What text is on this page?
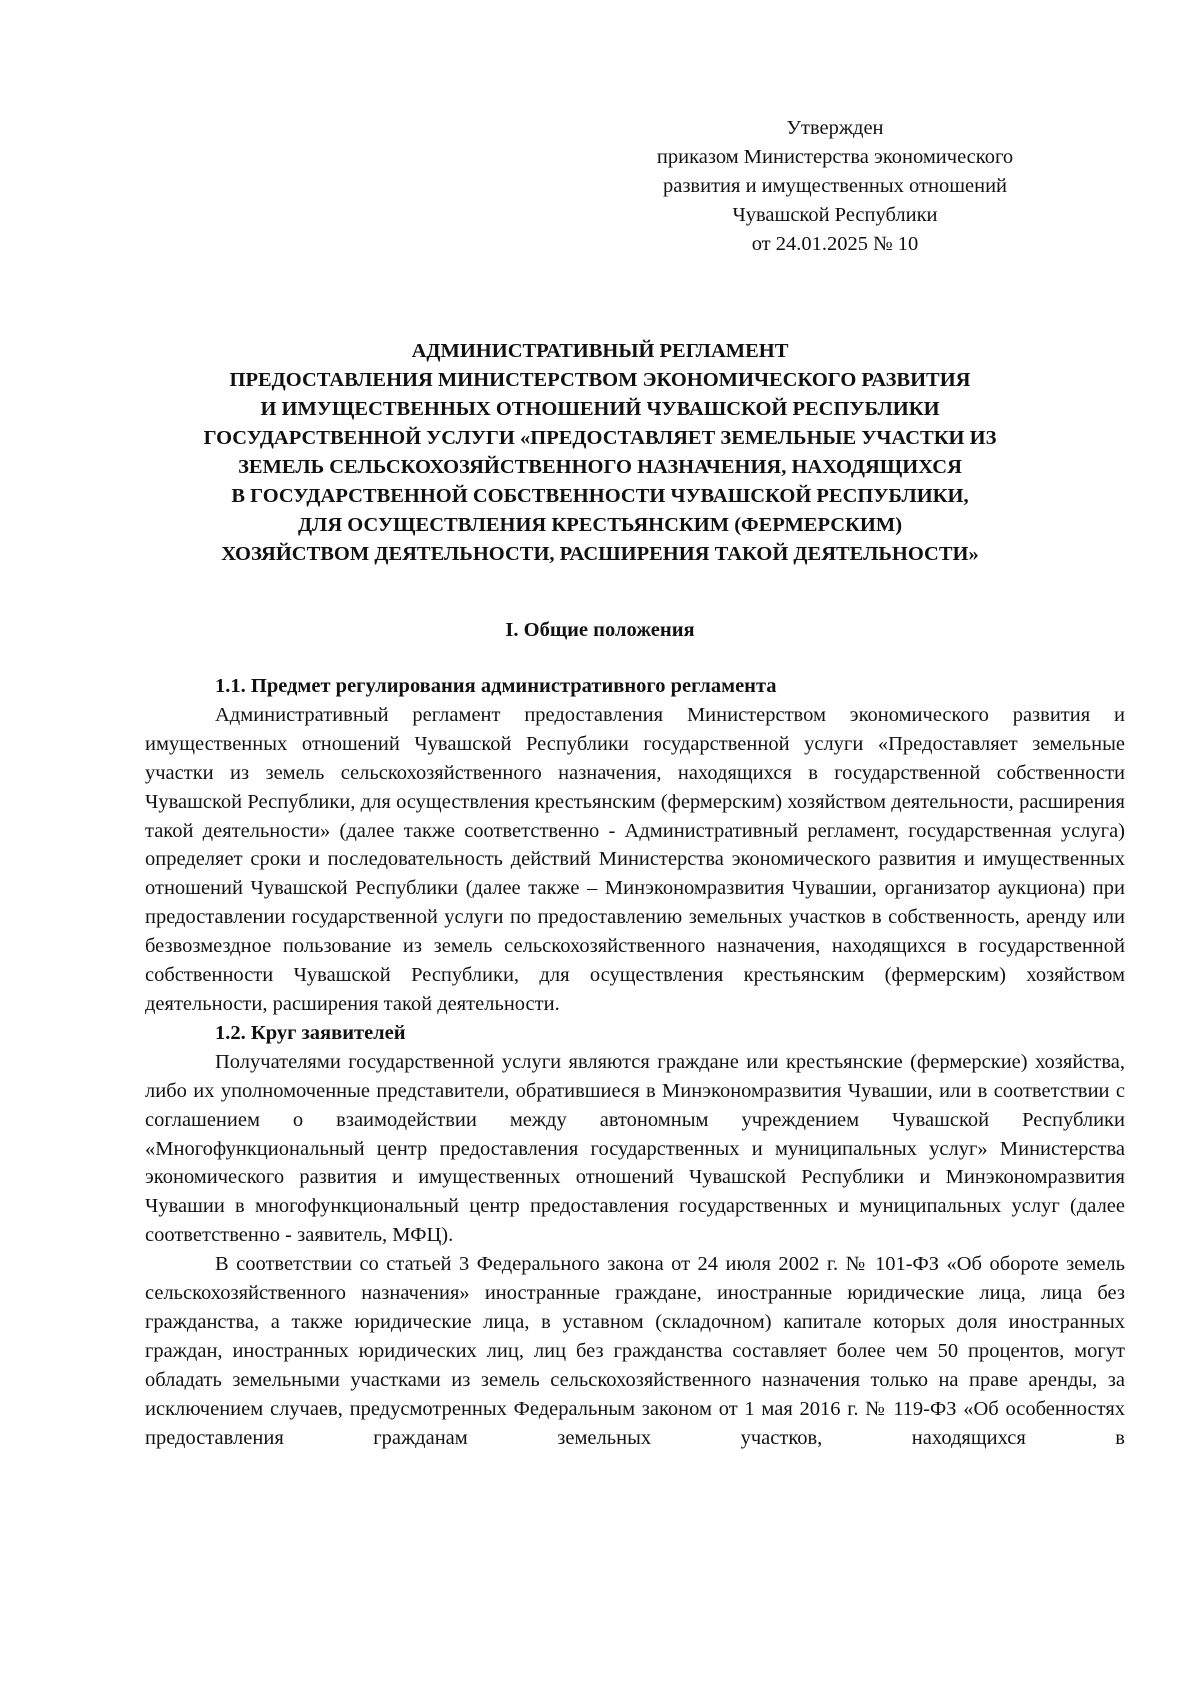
Утвержден
приказом Министерства экономического
развития и имущественных отношений
Чувашской Республики
от 24.01.2025 № 10
АДМИНИСТРАТИВНЫЙ РЕГЛАМЕНТ
ПРЕДОСТАВЛЕНИЯ МИНИСТЕРСТВОМ ЭКОНОМИЧЕСКОГО РАЗВИТИЯ
И ИМУЩЕСТВЕННЫХ ОТНОШЕНИЙ ЧУВАШСКОЙ РЕСПУБЛИКИ
ГОСУДАРСТВЕННОЙ УСЛУГИ «ПРЕДОСТАВЛЯЕТ ЗЕМЕЛЬНЫЕ УЧАСТКИ ИЗ
ЗЕМЕЛЬ СЕЛЬСКОХОЗЯЙСТВЕННОГО НАЗНАЧЕНИЯ, НАХОДЯЩИХСЯ
В ГОСУДАРСТВЕННОЙ СОБСТВЕННОСТИ ЧУВАШСКОЙ РЕСПУБЛИКИ,
ДЛЯ ОСУЩЕСТВЛЕНИЯ КРЕСТЬЯНСКИМ (ФЕРМЕРСКИМ)
ХОЗЯЙСТВОМ ДЕЯТЕЛЬНОСТИ, РАСШИРЕНИЯ ТАКОЙ ДЕЯТЕЛЬНОСТИ»
I. Общие положения

1.1. Предмет регулирования административного регламента

Административный регламент предоставления Министерством экономического развития и имущественных отношений Чувашской Республики государственной услуги «Предоставляет земельные участки из земель сельскохозяйственного назначения, находящихся в государственной собственности Чувашской Республики, для осуществления крестьянским (фермерским) хозяйством деятельности, расширения такой деятельности» (далее также соответственно - Административный регламент, государственная услуга) определяет сроки и последовательность действий Министерства экономического развития и имущественных отношений Чувашской Республики (далее также – Минэкономразвития Чувашии, организатор аукциона) при предоставлении государственной услуги по предоставлению земельных участков в собственность, аренду или безвозмездное пользование из земель сельскохозяйственного назначения, находящихся в государственной собственности Чувашской Республики, для осуществления крестьянским (фермерским) хозяйством деятельности, расширения такой деятельности.

1.2. Круг заявителей

Получателями государственной услуги являются граждане или крестьянские (фермерские) хозяйства, либо их уполномоченные представители, обратившиеся в Минэкономразвития Чувашии, или в соответствии с соглашением о взаимодействии между автономным учреждением Чувашской Республики «Многофункциональный центр предоставления государственных и муниципальных услуг» Министерства экономического развития и имущественных отношений Чувашской Республики и Минэкономразвития Чувашии в многофункциональный центр предоставления государственных и муниципальных услуг (далее соответственно - заявитель, МФЦ).

В соответствии со статьей 3 Федерального закона от 24 июля 2002 г. № 101-ФЗ «Об обороте земель сельскохозяйственного назначения» иностранные граждане, иностранные юридические лица, лица без гражданства, а также юридические лица, в уставном (складочном) капитале которых доля иностранных граждан, иностранных юридических лиц, лиц без гражданства составляет более чем 50 процентов, могут обладать земельными участками из земель сельскохозяйственного назначения только на праве аренды, за исключением случаев, предусмотренных Федеральным законом от 1 мая 2016 г. № 119-ФЗ «Об особенностях предоставления гражданам земельных участков, находящихся в
